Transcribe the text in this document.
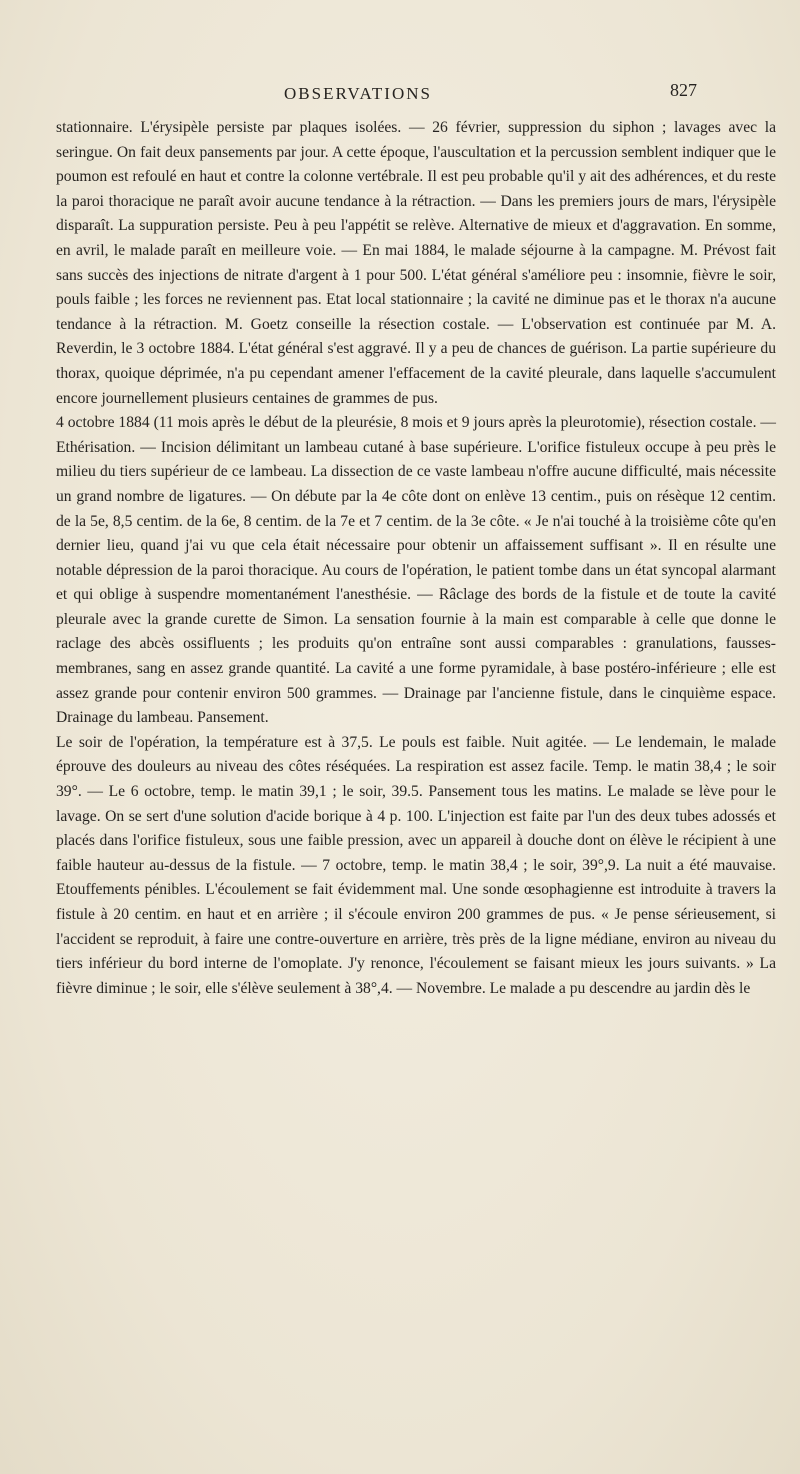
OBSERVATIONS	827

stationnaire. L'érysipèle persiste par plaques isolées. — 26 février, suppression du siphon ; lavages avec la seringue. On fait deux pansements par jour. A cette époque, l'auscultation et la percussion semblent indiquer que le poumon est refoulé en haut et contre la colonne vertébrale. Il est peu probable qu'il y ait des adhérences, et du reste la paroi thoracique ne paraît avoir aucune tendance à la rétraction. — Dans les premiers jours de mars, l'érysipèle disparaît. La suppuration persiste. Peu à peu l'appétit se relève. Alternative de mieux et d'aggravation. En somme, en avril, le malade paraît en meilleure voie. — En mai 1884, le malade séjourne à la campagne. M. Prévost fait sans succès des injections de nitrate d'argent à 1 pour 500. L'état général s'améliore peu : insomnie, fièvre le soir, pouls faible ; les forces ne reviennent pas. Etat local stationnaire ; la cavité ne diminue pas et le thorax n'a aucune tendance à la rétraction. M. Goetz conseille la résection costale. — L'observation est continuée par M. A. Reverdin, le 3 octobre 1884. L'état général s'est aggravé. Il y a peu de chances de guérison. La partie supérieure du thorax, quoique déprimée, n'a pu cependant amener l'effacement de la cavité pleurale, dans laquelle s'accumulent encore journellement plusieurs centaines de grammes de pus.

4 octobre 1884 (11 mois après le début de la pleurésie, 8 mois et 9 jours après la pleurotomie), résection costale. — Ethérisation. — Incision délimitant un lambeau cutané à base supérieure. L'orifice fistuleux occupe à peu près le milieu du tiers supérieur de ce lambeau. La dissection de ce vaste lambeau n'offre aucune difficulté, mais nécessite un grand nombre de ligatures. — On débute par la 4e côte dont on enlève 13 centim., puis on résèque 12 centim. de la 5e, 8,5 centim. de la 6e, 8 centim. de la 7e et 7 centim. de la 3e côte. « Je n'ai touché à la troisième côte qu'en dernier lieu, quand j'ai vu que cela était nécessaire pour obtenir un affaissement suffisant ». Il en résulte une notable dépression de la paroi thoracique. Au cours de l'opération, le patient tombe dans un état syncopal alarmant et qui oblige à suspendre momentanément l'anesthésie. — Râclage des bords de la fistule et de toute la cavité pleurale avec la grande curette de Simon. La sensation fournie à la main est comparable à celle que donne le raclage des abcès ossifluents ; les produits qu'on entraîne sont aussi comparables : granulations, fausses-membranes, sang en assez grande quantité. La cavité a une forme pyramidale, à base postéro-inférieure ; elle est assez grande pour contenir environ 500 grammes. — Drainage par l'ancienne fistule, dans le cinquième espace. Drainage du lambeau. Pansement.

Le soir de l'opération, la température est à 37,5. Le pouls est faible. Nuit agitée. — Le lendemain, le malade éprouve des douleurs au niveau des côtes réséquées. La respiration est assez facile. Temp. le matin 38,4 ; le soir 39°. — Le 6 octobre, temp. le matin 39,1 ; le soir, 39.5. Pansement tous les matins. Le malade se lève pour le lavage. On se sert d'une solution d'acide borique à 4 p. 100. L'injection est faite par l'un des deux tubes adossés et placés dans l'orifice fistuleux, sous une faible pression, avec un appareil à douche dont on élève le récipient à une faible hauteur au-dessus de la fistule. — 7 octobre, temp. le matin 38,4 ; le soir, 39°,9. La nuit a été mauvaise. Etouffements pénibles. L'écoulement se fait évidemment mal. Une sonde œsophagienne est introduite à travers la fistule à 20 centim. en haut et en arrière ; il s'écoule environ 200 grammes de pus. « Je pense sérieusement, si l'accident se reproduit, à faire une contre-ouverture en arrière, très près de la ligne médiane, environ au niveau du tiers inférieur du bord interne de l'omoplate. J'y renonce, l'écoulement se faisant mieux les jours suivants. » La fièvre diminue ; le soir, elle s'élève seulement à 38°,4. — Novembre. Le malade a pu descendre au jardin dès le
